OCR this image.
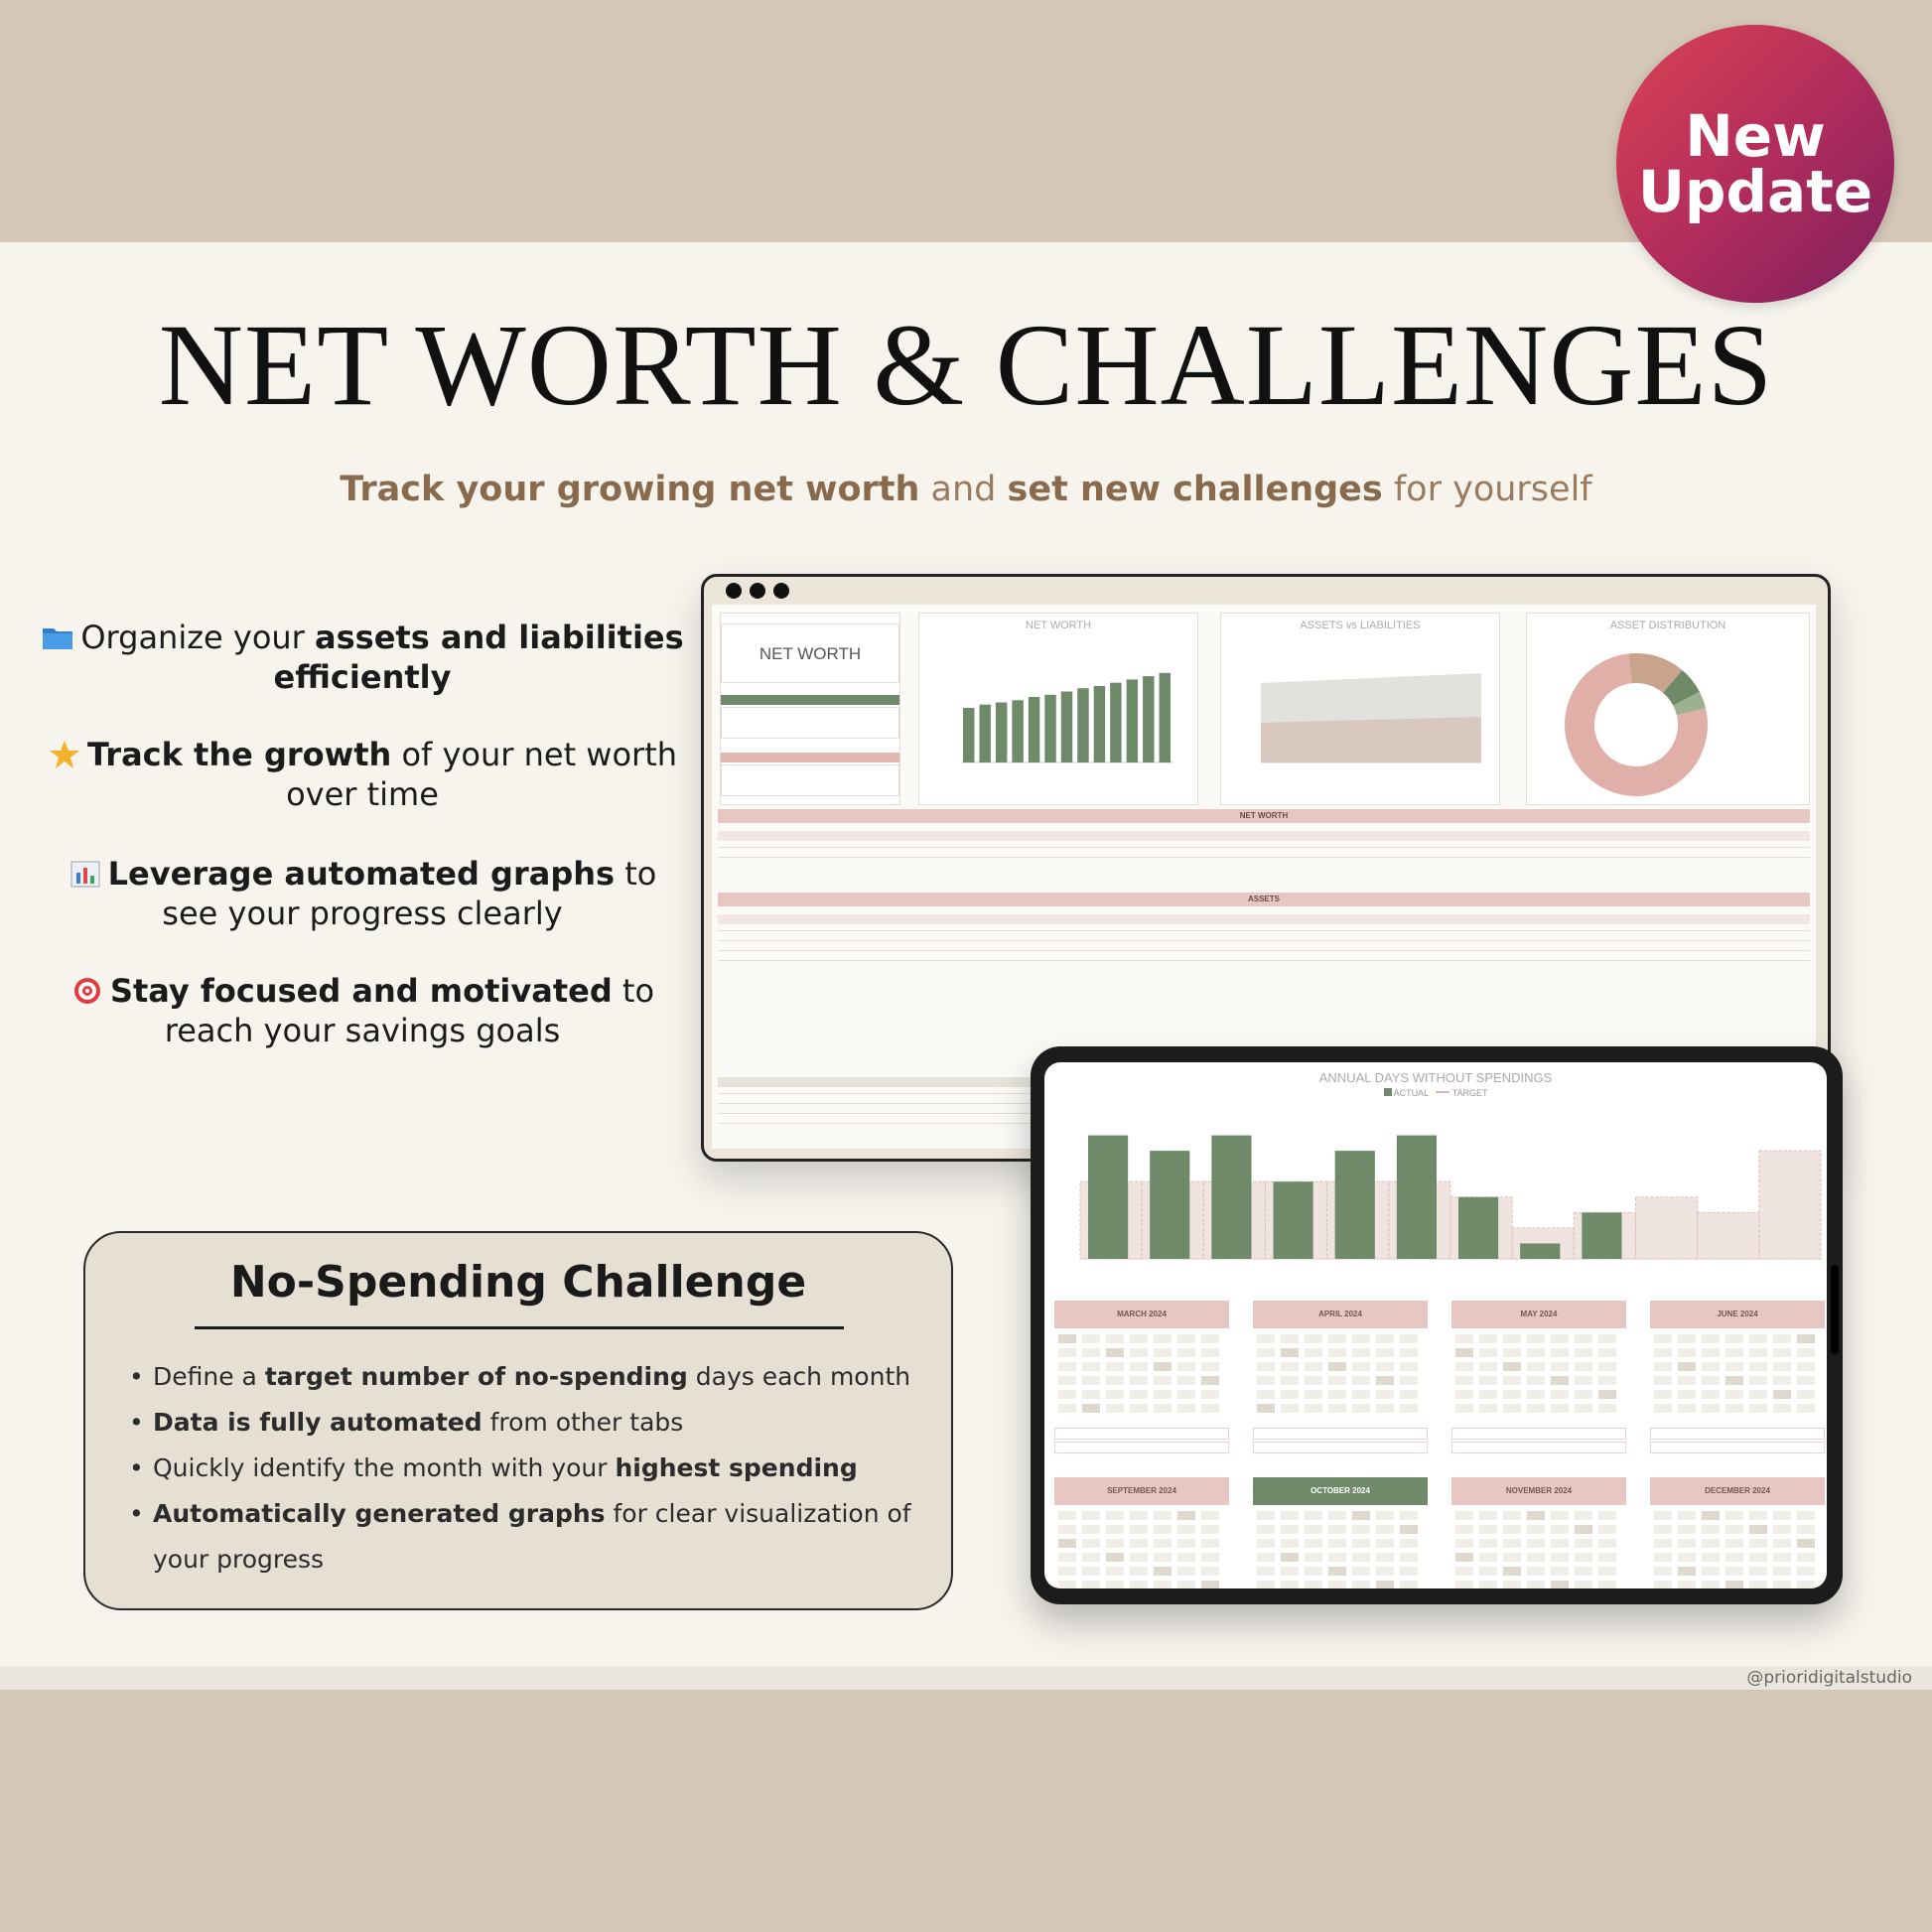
New
Update
NET WORTH & CHALLENGES
Track your growing net worth and set new challenges for yourself
Organize your assets and liabilities efficiently
Track the growth of your net worth over time
Leverage automated graphs to see your progress clearly
Stay focused and motivated to reach your savings goals
No-Spending Challenge
• Define a target number of no-spending days each month
• Data is fully automated from other tabs
• Quickly identify the month with your highest spending
• Automatically generated graphs for clear visualization of your progress
NET WORTH
NET WORTH	ASSETS vs LIABILITIES	ASSET DISTRIBUTION
NET WORTH
ASSETS
ANNUAL DAYS WITHOUT SPENDINGS
ACTUAL	TARGET
MARCH 2024	APRIL 2024	MAY 2024	JUNE 2024
SEPTEMBER 2024	OCTOBER 2024	NOVEMBER 2024	DECEMBER 2024
@prioridigitalstudio
